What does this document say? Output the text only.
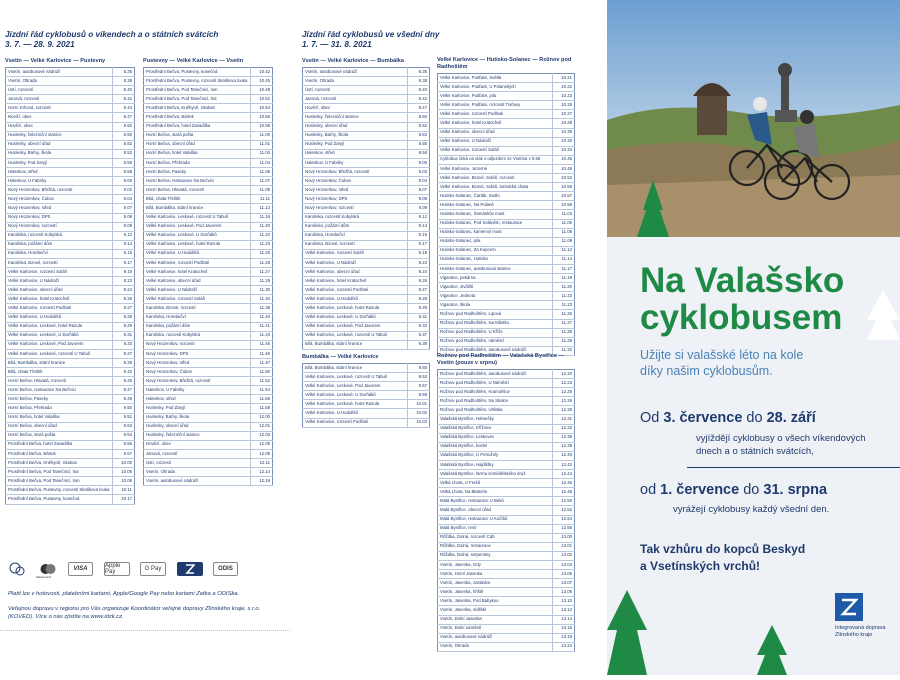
Jízdní řád cyklobusů o víkendech a o státních svátcích
3. 7. — 28. 9. 2021
Vsetín — Velké Karlovice — Pustevny
Vsetín, autobusové nádraží	8.35
Vsetín, Ohrada	8.38
Ústí, rozcestí	8.40
Janová, rozcestí	8.42
Horní Krhová, rozcestí	8.44
Novičí, obec	8.47
Hovězí, obec	8.50
Huslenky, železniční stanice	8.50
Huslenky, obecní úřad	8.52
Huslenky, Baťny, škola	8.53
Huslenky, Pod Zaryjí	8.55
Halenkov, střed	8.58
Halenkov, U Fabriky	9.00
Nový Hrozenkov, Břežitá, rozcestí	9.02
Nový Hrozenkov, Čubov	9.04
Nový Hrozenkov, střed	9.07
Nový Hrozenkov, DPS	9.08
Nový Hrozenkov, rozcestí	9.09
Karolinka, rozcestí Kobylská	9.12
Karolinka, požární dům	9.14
Karolinka, Horebečví	9.15
Karolinka, Bzové, rozcestí	9.17
Velké Karlovice, rozcestí Soláň	9.19
Velké Karlovice, U Nádraží	9.23
Velké Karlovice, obecní úřad	9.24
Velké Karlovice, hotel Kratochvíl	9.26
Velké Karlovice, rozcestí Podťaté	9.27
Velké Karlovice, U Hodulíků	9.28
Velké Karlovice, Leskové, hotel Razula	9.29
Velké Karlovice, Leskové, U Dorňáků	9.31
Velké Karlovice, Leskové, Pod Javorem	9.33
Velké Karlovice, Leskové, rozcestí U Tabulí	9.37
Bílá, Bumbálka, státní hranice	9.39
Bílá, chata Třeštík	9.42
Horní Bečva, Hlavatá, rozcestí	9.45
Horní Bečva, restaurace Na Bečvici	9.47
Horní Bečva, Paseky	9.49
Horní Bečva, Přehrada	9.50
Horní Bečva, hotel Valaška	9.51
Horní Bečva, obecní úřad	9.53
Horní Bečva, stará pošta	9.54
Prostřední Bečva, hotel Zavadilka	9.56
Prostřední Bečva, Bártek	9.57
Prostřední Bečva, Kněhyně, Skokan	10.00
Prostřední Bečva, Pod Tanečnicí, hut	10.05
Prostřední Bečva, Pod Tanečnicí, lom	10.06
Prostřední Bečva, Pustevny, rozcestí Skalíkova louka	10.11
Prostřední Bečva, Pustevny, konečná	10.17
Pustevny — Velké Karlovice — Vsetín
Prostřední Bečva, Pustevny, konečná	10.42
Prostřední Bečva, Pustevny, rozcestí Skalíkova louka	10.45
Prostřední Bečva, Pod Tanečnicí, lom	10.49
Prostřední Bečva, Pod Tanečnicí, hut	10.52
Prostřední Bečva, Kněhyně, Skokan	10.54
Prostřední Bečva, Bártek	10.56
Prostřední Bečva, hotel Zavadilka	10.58
Horní Bečva, stará pošta	11.00
Horní Bečva, obecní úřad	11.01
Horní Bečva, hotel Valaška	11.03
Horní Bečva, Přehrada	11.04
Horní Bečva, Paseky	11.06
Horní Bečva, restaurace Na Bečvici	11.07
Horní Bečva, Hlavatá, rozcestí	11.09
Bílá, chata Třeštík	11.11
Bílá, Bumbálka, státní hranice	11.13
Velké Karlovice, Leskové, rozcestí U Tabulí	11.16
Velké Karlovice, Leskové, Pod Javorem	11.20
Velké Karlovice, Leskové, U Dorňáků	11.22
Velké Karlovice, Leskové, hotel Razula	11.23
Velké Karlovice, U Hodulíků	11.25
Velké Karlovice, rozcestí Podťaté	11.26
Velké Karlovice, hotel Kratochvíl	11.27
Velké Karlovice, obecní úřad	11.29
Velké Karlovice, U Nádraží	11.30
Velké Karlovice, rozcestí Soláň	11.34
Karolinka, Bzové, rozcestí	11.38
Karolinka, Horebečví	11.40
Karolinka, požární dům	11.41
Karolinka, rozcestí Kobylská	11.43
Nový Hrozenkov, rozcestí	11.45
Nový Hrozenkov, DPS	11.46
Nový Hrozenkov, střed	11.47
Nový Hrozenkov, Čubov	11.50
Nový Hrozenkov, Břežitá, rozcestí	11.52
Halenkov, U Fabriky	11.54
Halenkov, střed	11.56
Huslenky, Pod Zaryjí	11.58
Huslenky, Baťny, škola	12.00
Huslenky, obecní úřad	12.01
Huslenky, železniční stanice	12.03
Hovězí, obec	12.05
Janová, rozcestí	12.09
Ústí, rozcestí	12.11
Vsetín, Ohrada	12.14
Vsetín, autobusové nádraží	12.19
Jízdní řád cyklobusů ve všední dny
1. 7. — 31. 8. 2021
Vsetín — Velké Karlovice — Bumbálka
Vsetín, autobusové nádraží	8.35
Vsetín, Ohrada	8.38
Ústí, rozcestí	8.40
Janová, rozcestí	8.42
Hovězí, obec	8.47
Huslenky, železniční stanice	8.50
Huslenky, obecní úřad	8.52
Huslenky, Baťny, škola	8.53
Huslenky, Pod Zaryjí	8.55
Halenkov, střed	8.58
Halenkov, U Fabriky	9.00
Nový Hrozenkov, Břežitá, rozcestí	9.02
Nový Hrozenkov, Čubov	9.04
Nový Hrozenkov, střed	9.07
Nový Hrozenkov, DPS	9.08
Nový Hrozenkov, rozcestí	9.09
Karolinka, rozcestí Kobylská	9.12
Karolinka, požární dům	9.14
Karolinka, Horebečví	9.15
Karolinka, Bzové, rozcestí	9.17
Velké Karlovice, rozcestí Soláň	9.19
Velké Karlovice, U Nádraží	9.23
Velké Karlovice, obecní úřad	9.24
Velké Karlovice, hotel Kratochvíl	9.26
Velké Karlovice, rozcestí Podťaté	9.27
Velké Karlovice, U Hodulíků	9.28
Velké Karlovice, Leskové, hotel Razula	9.29
Velké Karlovice, Leskové, U Dorňáků	9.31
Velké Karlovice, Leskové, Pod Javorem	9.33
Velké Karlovice, Leskové, rozcestí U Tabulí	9.37
Bílá, Bumbálka, státní hranice	9.39
Bumbálka — Velké Karlovice
Bílá, Bumbálka, státní hranice	9.50
Velké Karlovice, Leskové, rozcestí U Tabulí	9.53
Velké Karlovice, Leskové, Pod Javorem	9.57
Velké Karlovice, Leskové, U Dorňáků	9.59
Velké Karlovice, Leskové, hotel Razula	10.01
Velké Karlovice, U Hodulíků	10.02
Velké Karlovice, rozcestí Podťaté	10.03
Velké Karlovice — Hutisko-Solanec — Rožnov pod Radhoštěm
Velké Karlovice, Podťaté, Světlá	10.21
Velké Karlovice, Podťaté, U Polanských	10.22
Velké Karlovice, Podťaté, pila	10.23
Velké Karlovice, Podťaté, rozcestí Tisňavy	10.25
Velké Karlovice, rozcestí Podťaté	10.27
Velké Karlovice, hotel Kratochvíl	10.28
Velké Karlovice, obecní úřad	10.29
Velké Karlovice, U Nádraží	10.30
Velké Karlovice, rozcestí Soláň	10.34
Cyklobus čeká na vlak s odjezdem ze Vsetína v 9.55	10.46
Velké Karlovice, Jezerné	10.48
Velké Karlovice, Bzové, Soláň, rozcestí	10.53
Velké Karlovice, Bzové, Soláň, turistická chata	10.55
Hutisko-Solanec, Čarták, Sedlo	10.57
Hutisko-Solanec, Na Polaně	10.59
Hutisko-Solanec, Šamánkův most	11.03
Hutisko-Solanec, Pod Soláněm, restaurace	11.06
Hutisko-Solanec, kamenný most	11.08
Hutisko-Solanec, pila	11.09
Hutisko-Solanec, Za Kopcem	11.12
Hutisko-Solanec, Hutisko	11.14
Hutisko-Solanec, autobusová stanice	11.17
Vigantice, pekárna	11.19
Vigantice, stvůlští	11.20
Vigantice, Jednota	11.22
Vigantice, škola	11.23
Rožnov pod Radhoštěm, Lipová	11.25
Rožnov pod Radhoštěm, Na Můstku	11.27
Rožnov pod Radhoštěm, U Kříže	11.28
Rožnov pod Radhoštěm, náměstí	11.29
Rožnov pod Radhoštěm, autobusové nádraží	11.32
Rožnov pod Radhoštěm — Valašská Bystřice — Vsetín (pouze v srpnu)
Rožnov pod Radhoštěm, autobusové nádraží	12.20
Rožnov pod Radhoštěm, U Náměstí	12.23
Rožnov pod Radhoštěm, Kramolišov	12.25
Rožnov pod Radhoštěm, Na Skalce	12.26
Rožnov pod Radhoštěm, Uhliska	12.28
Valašská Bystřice, Hámečky	12.31
Valašská Bystřice, Křížnice	12.33
Valašská Bystřice, Leskovec	12.35
Valašská Bystřice, kostel	12.38
Valašská Bystřice, U Petružely	12.40
Valašská Bystřice, Hajdůšky	12.42
Valašská Bystřice, farma zemědělského druž.	12.44
Velká Lhota, U Ferků	12.46
Velká Lhota, Na Błatném	12.48
Malá Bystřice, restaurace U Beků	12.50
Malá Bystřice, obecní úřad	12.52
Malá Bystřice, restaurace U Kočíbů	12.54
Malá Bystřice, revír	12.56
Růždka, Dolná, rozcestí Cáb	13.00
Růždka, Dolná, restaurace	13.01
Růždka, Dolná, serpentiny	13.02
Vsetín, Jasenka, Izdy	13.04
Vsetín, Horní Jasenka	13.05
Vsetín, Jasenka, zastávka	13.07
Vsetín, Jasenka, hřiště	13.08
Vsetín, Jasenka, Pod Babykou	13.10
Vsetín, Jasenka, sídliště	13.12
Vsetín, Dolní Jasenka	13.14
Vsetín, Dolní náměstí	13.15
Vsetín, autobusové nádraží	13.19
Vsetín, Ohrada	13.24
Mastercard
VISA	Apple Pay	G Pay	ODIS
Platit lze v hotovosti, platebními kartami, Apple/Google Pay nebo kartami Zetka a ODISka.
Veřejnou dopravu v regionu pro Vás organizuje Koordinátor veřejné dopravy Zlínského kraje, s.r.o. (KOVED). Více o nás zjistíte na www.idzk.cz.
Na Valašsko
cyklobusem
Užijte si valašské léto na kole
díky našim cyklobusům.
Od 3. července do 28. září
vyjíždějí cyklobusy o všech víkendových
dnech a o státních svátcích,
od 1. července do 31. srpna
vyrážejí cyklobusy každý všední den.
Tak vzhůru do kopců Beskyd
a Vsetínských vrchů!
Integrovaná doprava
Zlínského kraje
